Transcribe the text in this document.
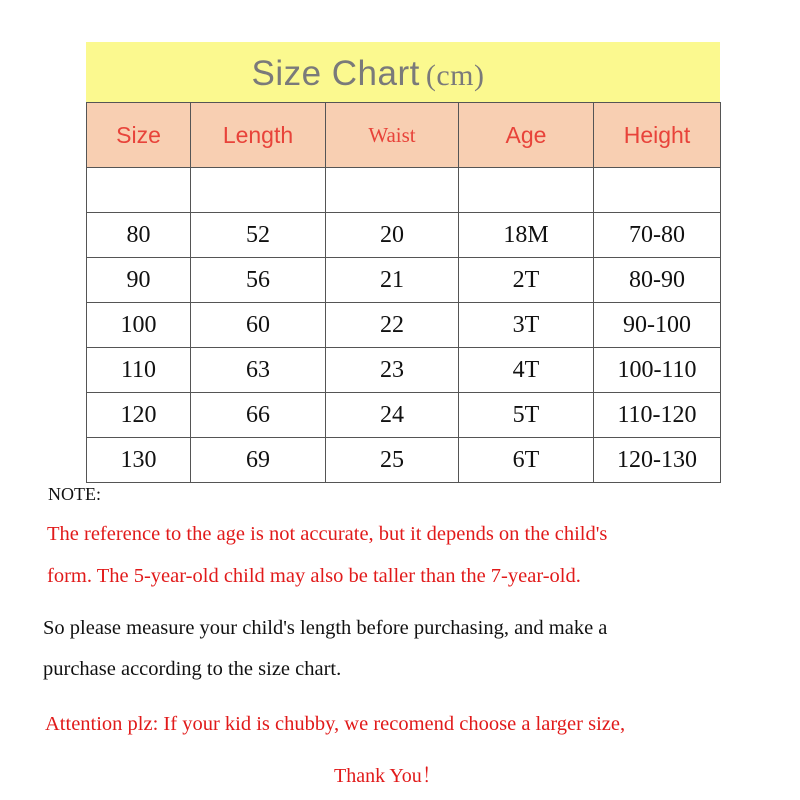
Size Chart (cm)
Size	Length	Waist	Age	Height

80	52	20	18M	70-80
90	56	21	2T	80-90
100	60	22	3T	90-100
110	63	23	4T	100-110
120	66	24	5T	110-120
130	69	25	6T	120-130
NOTE:
The reference to the age is not accurate, but it depends on the child's
form. The 5-year-old child may also be taller than the 7-year-old.
So please measure your child's length before purchasing, and make a
purchase according to the size chart.
Attention plz: If your kid is chubby, we recomend choose a larger size,
Thank You！
